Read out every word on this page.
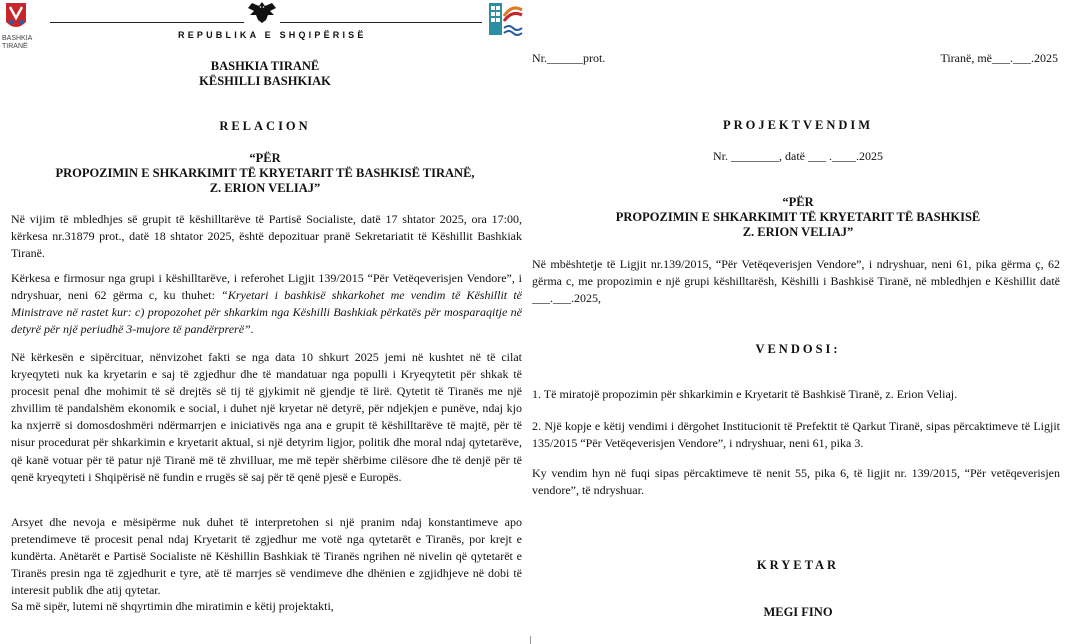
BASHKIA
TIRANË
REPUBLIKA E SHQIPËRISË
BASHKIA TIRANË
KËSHILLI BASHKIAK
RELACION
“PËR
PROPOZIMIN E SHKARKIMIT TË KRYETARIT TË BASHKISË TIRANË,
Z. ERION VELIAJ”
Në vijim të mbledhjes së grupit të këshilltarëve të Partisë Socialiste, datë 17 shtator 2025, ora 17:00, kërkesa nr.31879 prot., datë 18 shtator 2025, është depozituar pranë Sekretariatit të Këshillit Bashkiak Tiranë.
Kërkesa e firmosur nga grupi i këshilltarëve, i referohet Ligjit 139/2015 “Për Vetëqeverisjen Vendore”, i ndryshuar, neni 62 gërma c, ku thuhet: “Kryetari i bashkisë shkarkohet me vendim të Këshillit të Ministrave në rastet kur: c) propozohet për shkarkim nga Këshilli Bashkiak përkatës për mosparaqitje në detyrë për një periudhë 3-mujore të pandërprerë”.
Në kërkesën e sipërcituar, nënvizohet fakti se nga data 10 shkurt 2025 jemi në kushtet në të cilat kryeqyteti nuk ka kryetarin e saj të zgjedhur dhe të mandatuar nga populli i Kryeqytetit për shkak të procesit penal dhe mohimit të së drejtës së tij të gjykimit në gjendje të lirë. Qytetit të Tiranës me një zhvillim të pandalshëm ekonomik e social, i duhet një kryetar në detyrë, për ndjekjen e punëve, ndaj kjo ka nxjerrë si domosdoshmëri ndërmarrjen e iniciativës nga ana e grupit të këshilltarëve të majtë, për të nisur procedurat për shkarkimin e kryetarit aktual, si një detyrim ligjor, politik dhe moral ndaj qytetarëve, që kanë votuar për të patur një Tiranë më të zhvilluar, me më tepër shërbime cilësore dhe të denjë për të qenë kryeqyteti i Shqipërisë në fundin e rrugës së saj për të qenë pjesë e Europës.
Arsyet dhe nevoja e mësipërme nuk duhet të interpretohen si një pranim ndaj konstantimeve apo pretendimeve të procesit penal ndaj Kryetarit të zgjedhur me votë nga qytetarët e Tiranës, por krejt e kundërta. Anëtarët e Partisë Socialiste në Këshillin Bashkiak të Tiranës ngrihen në nivelin që qytetarët e Tiranës presin nga të zgjedhurit e tyre, atë të marrjes së vendimeve dhe dhënien e zgjidhjeve në dobi të interesit publik dhe atij qytetar.
Sa më sipër, lutemi në shqyrtimin dhe miratimin e këtij projektakti,
Nr.______prot.	Tiranë, më___.___.2025
PROJEKTVENDIM
Nr. ________, datë ___ .____.2025
“PËR
PROPOZIMIN E SHKARKIMIT TË KRYETARIT TË BASHKISË
Z. ERION VELIAJ”
Në mbështetje të Ligjit nr.139/2015, “Për Vetëqeverisjen Vendore”, i ndryshuar, neni 61, pika gërma ç, 62 gërma c, me propozimin e një grupi këshilltarësh, Këshilli i Bashkisë Tiranë, në mbledhjen e Këshillit datë ___.___.2025,
VENDOSI:
1. Të miratojë propozimin për shkarkimin e Kryetarit të Bashkisë Tiranë, z. Erion Veliaj.
2. Një kopje e këtij vendimi i dërgohet Institucionit të Prefektit të Qarkut Tiranë, sipas përcaktimeve të Ligjit 135/2015 “Për Vetëqeverisjen Vendore”, i ndryshuar, neni 61, pika 3.
Ky vendim hyn në fuqi sipas përcaktimeve të nenit 55, pika 6, të ligjit nr. 139/2015, “Për vetëqeverisjen vendore”, të ndryshuar.
KRYETAR
MEGI FINO
